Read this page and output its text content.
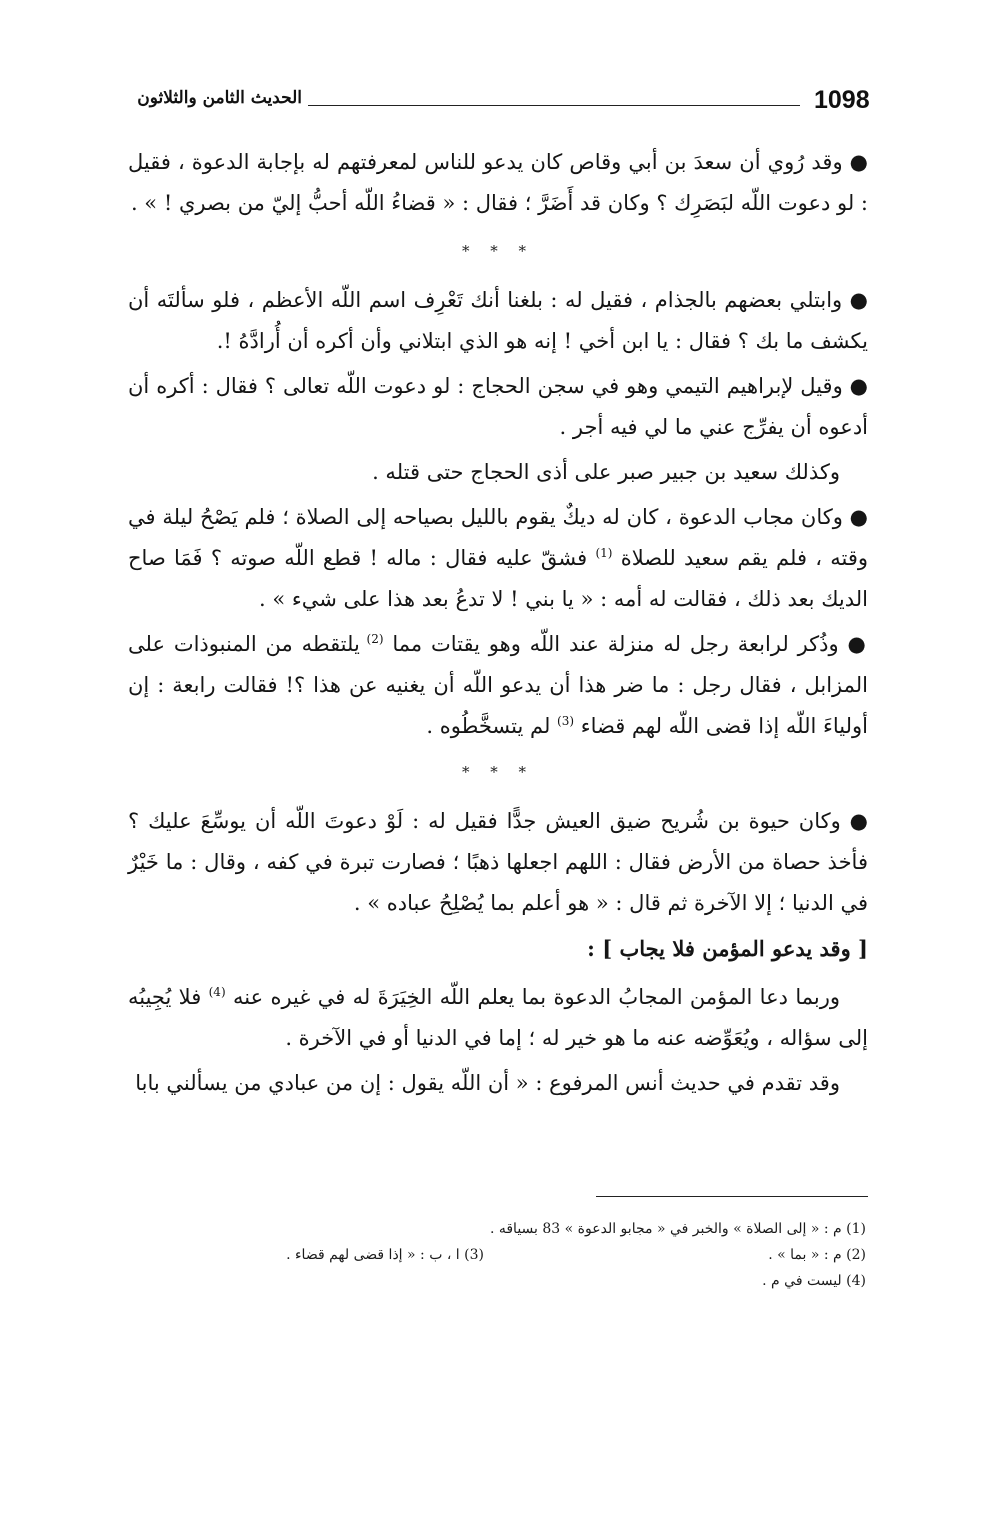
1098
الحديث الثامن والثلاثون

● وقد رُوي أن سعدَ بن أبي وقاص كان يدعو للناس لمعرفتهم له بإجابة الدعوة ، فقيل : لو دعوت اللّه لبَصَرِك ؟ وكان قد أَضَرَّ ؛ فقال : « قضاءُ اللّه أحبُّ إليّ من بصري ! » .

* * *

● وابتلي بعضهم بالجذام ، فقيل له : بلغنا أنك تَعْرِف اسم اللّه الأعظم ، فلو سألتَه أن يكشف ما بك ؟ فقال : يا ابن أخي ! إنه هو الذي ابتلاني وأن أكره أن أُرادَّهُ !.

● وقيل لإبراهيم التيمي وهو في سجن الحجاج : لو دعوت اللّه تعالى ؟ فقال : أكره أن أدعوه أن يفرِّج عني ما لي فيه أجر .

وكذلك سعيد بن جبير صبر على أذى الحجاج حتى قتله .

● وكان مجاب الدعوة ، كان له ديكٌ يقوم بالليل بصياحه إلى الصلاة ؛ فلم يَصْحُ ليلة في وقته ، فلم يقم سعيد للصلاة $^{(1)}$ فشقّ عليه فقال : ماله ! قطع اللّه صوته ؟ فَمَا صاح الديك بعد ذلك ، فقالت له أمه : « يا بني ! لا تدعُ بعد هذا على شيء » .

● وذُكر لرابعة رجل له منزلة عند اللّه وهو يقتات مما $^{(2)}$ يلتقطه من المنبوذات على المزابل ، فقال رجل : ما ضر هذا أن يدعو اللّه أن يغنيه عن هذا ؟! فقالت رابعة : إن أولياءَ اللّه إذا قضى اللّه لهم قضاء $^{(3)}$ لم يتسخَّطُوه .

* * *

● وكان حيوة بن شُريح ضيق العيش جدًّا فقيل له : لَوْ دعوتَ اللّه أن يوسِّعَ عليك ؟ فأخذ حصاة من الأرض فقال : اللهم اجعلها ذهبًا ؛ فصارت تبرة في كفه ، وقال : ما خَيْرٌ في الدنيا ؛ إلا الآخرة ثم قال : « هو أعلم بما يُصْلِحُ عباده » .

[ وقد يدعو المؤمن فلا يجاب ] :

وربما دعا المؤمن المجابُ الدعوة بما يعلم اللّه الخِيَرَةَ له في غيره عنه $^{(4)}$ فلا يُجِيبُه إلى سؤاله ، ويُعَوِّضه عنه ما هو خير له ؛ إما في الدنيا أو في الآخرة .

وقد تقدم في حديث أنس المرفوع : « أن اللّه يقول : إن من عبادي من يسألني بابا

(1) م : « إلى الصلاة » والخبر في « مجابو الدعوة » 83 بسياقه .
(2) م : « بما » .
(3) ا ، ب : « إذا قضى لهم قضاء .
(4) ليست في م .
